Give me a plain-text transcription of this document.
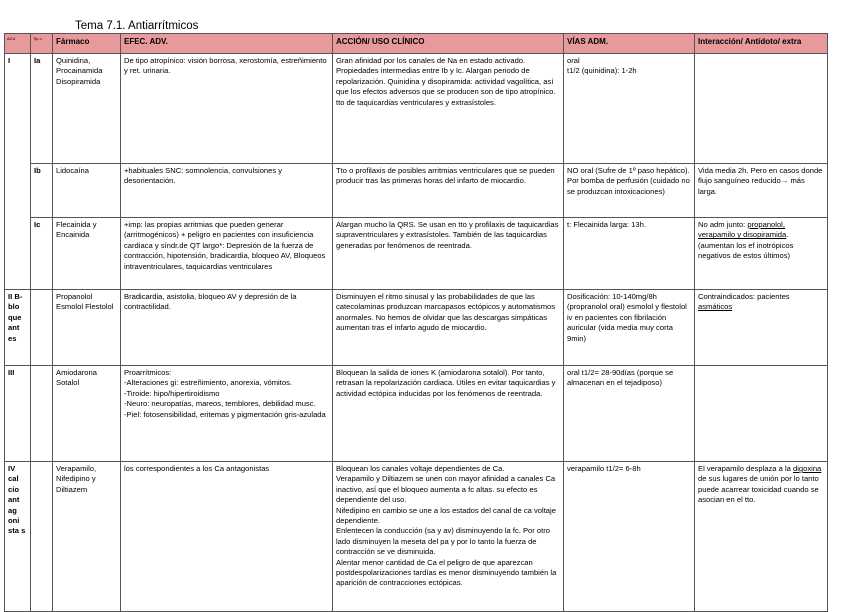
Tema 7.1. Antiarrítmicos
ACU	Tip o	Fármaco	EFEC. ADV.	ACCIÓN/ USO CLÍNICO	VÍAS ADM.	Interacción/ Antídoto/ extra
I	Ia	Quinidina, Procainamida Disopiramida	De tipo atropínico: visión borrosa, xerostomía, estreñimiento y ret. urinaria.	Gran afinidad por los canales de Na en estado activado. Propiedades intermedias entre Ib y Ic. Alargan periodo de repolarización. Quinidina y disopiramida: actividad vagolítica, así que los efectos adversos que se producen son de tipo atropínico. tto de taquicardias ventriculares y extrasístoles.	oral
t1/2 (quinidina): 1-2h	

	Ib	Lidocaína	+habituales SNC: somnolencia, convulsiones y desorientación.	Tto o profilaxis de posibles arritmias ventriculares que se pueden producir tras las primeras horas del infarto de miocardio.	NO oral (Sufre de 1º paso hepático). Por bomba de perfusión (cuidado no se produzcan intoxicaciones)	Vida media 2h. Pero en casos donde flujo sanguíneo reducido→ más larga.
	Ic	Flecainida y Encainida	+imp: las propias arritmias que pueden generar (arritmogénicos) + peligro en pacientes con insuficiencia cardiaca y síndr.de QT largo*: Depresión de la fuerza de contracción, hipotensión, bradicardia, bloqueo AV, Bloqueos intraventriculares, taquicardias ventriculares	Alargan mucho la QRS. Se usan en tto y profilaxis de taquicardias supraventriculares y extrasístoles. También de las taquicardias generadas por fenómenos de reentrada.	t: Flecainida larga: 13h.	No adm junto: propanolol, verapamilo y disopiramida. (aumentan los ef inotrópicos negativos de estos últimos)
II B-blo que ant es		Propanolol Esmolol Flestolol	Bradicardia, asistolia, bloqueo AV y depresión de la contractilidad.	Disminuyen el ritmo sinusal y las probabilidades de que las catecolaminas produzcan marcapasos ectópicos y automatismos anormales. No hemos de olvidar que las descargas simpáticas aumentan tras el infarto agudo de miocardio.	Dosificación: 10-140mg/8h (propranolol oral) esmolol y flestolol iv en pacientes con fibrilación auricular (vida media muy corta 9min)	Contraindicados: pacientes asmáticos
III		Amiodarona Sotalol	Proarrítmicos:
-Alteraciones gi: estreñimiento, anorexia, vómitos.
-Tiroide: hipo/hipertiroidismo
-Neuro: neuropatías, mareos, temblores, debilidad musc.
-Piel: fotosensibilidad, eritemas y pigmentación gris-azulada	Bloquean la salida de iones K (amiodarona sotalol). Por tanto, retrasan la repolarización cardiaca. Útiles en evitar taquicardias y actividad ectópica inducidas por los fenómenos de reentrada.	oral t1/2= 28-90días (porque se almacenan en el tejadiposo)	
IV cal cio ant ag oni sta s		Verapamilo, Nifedipino y Diltiazem	los correspondientes a los Ca antagonistas	Bloquean los canales voltaje dependientes de Ca.
Verapamilo y Diltiazem se unen con mayor afinidad a canales Ca inactivo, así que el bloqueo aumenta a fc altas. su efecto es dependiente del uso.
Nifedipino en cambio se une a los estados del canal de ca voltaje dependiente.
Enlentecen la conducción (sa y av) disminuyendo la fc. Por otro lado disminuyen la meseta del pa y por lo tanto la fuerza de contracción se ve disminuida.
Alentar menor cantidad de Ca el peligro de que aparezcan postdespolarizaciones tardías es menor disminuyendo también la aparición de contracciones ectópicas.	verapamilo t1/2= 6-8h	El verapamilo desplaza a la digoxina de sus lugares de unión por lo tanto puede acarrear toxicidad cuando se asocian en el tto.
